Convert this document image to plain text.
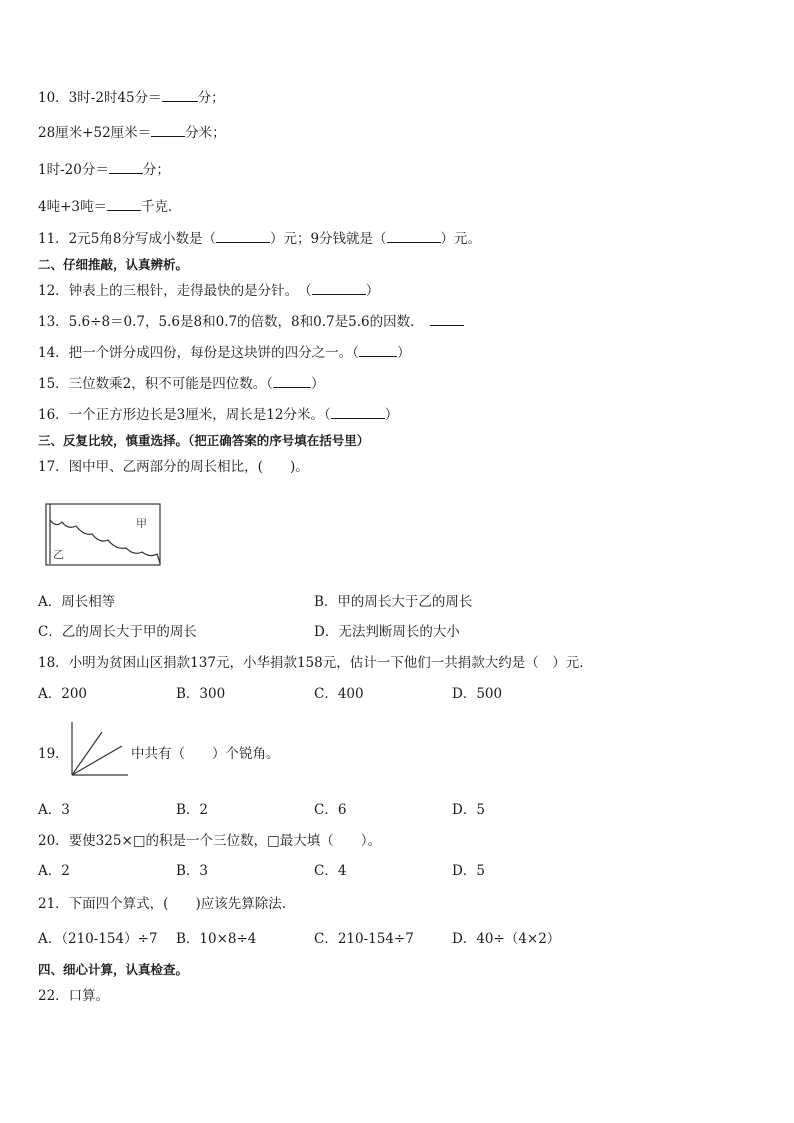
10．3时-2时45分＝	分；
28厘米+52厘米＝	分米；
1时-20分＝	分；
4吨+3吨＝	千克．
11．2元5角8分写成小数是（	）元；9分钱就是（	）元。
二、仔细推敲，认真辨析。
12．钟表上的三根针，走得最快的是分针。　（	）
13．5.6÷8＝0.7，5.6是8和0.7的倍数，8和0.7是5.6的因数．
14．把一个饼分成四份，每份是这块饼的四分之一。（	）
15．三位数乘2，积不可能是四位数。（	）
16．一个正方形边长是3厘米，周长是12分米。（	）
三、反复比较，慎重选择。（把正确答案的序号填在括号里）
17．图中甲、乙两部分的周长相比，(　　)。
甲
乙
A．周长相等	B．甲的周长大于乙的周长
C．乙的周长大于甲的周长	D．无法判断周长的大小
18．小明为贫困山区捐款137元，小华捐款158元，估计一下他们一共捐款大约是（　）元．
A．200	B．300	C．400	D．500
19．	中共有（　　）个锐角。
A．3	B．2	C．6	D．5
20．要使325×□的积是一个三位数，□最大填（　　）。
A．2	B．3	C．4	D．5
21．下面四个算式，(　　)应该先算除法.
A．（210-154）÷7 B．10×8÷4	C．210-154÷7	D．40÷（4×2）
四、细心计算，认真检查。
22．口算。
